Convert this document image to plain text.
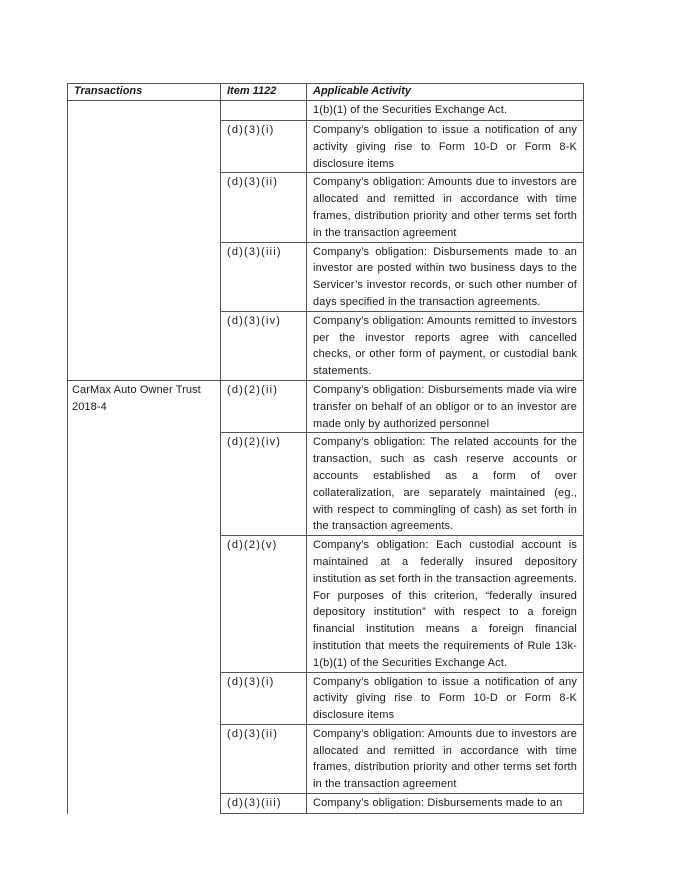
Transactions	Item 1122	Applicable Activity

		1(b)(1) of the Securities Exchange Act.

	(d)(3)(i)	Company’s obligation to issue a notification of any activity giving rise to Form 10-D or Form 8-K disclosure items

	(d)(3)(ii)	Company’s obligation: Amounts due to investors are allocated and remitted in accordance with time frames, distribution priority and other terms set forth in the transaction agreement

	(d)(3)(iii)	Company’s obligation: Disbursements made to an investor are posted within two business days to the Servicer’s investor records, or such other number of days specified in the transaction agreements.

	(d)(3)(iv)	Company’s obligation: Amounts remitted to investors per the investor reports agree with cancelled checks, or other form of payment, or custodial bank statements.

CarMax Auto Owner Trust 2018-4	(d)(2)(ii)	Company’s obligation: Disbursements made via wire transfer on behalf of an obligor or to an investor are made only by authorized personnel

	(d)(2)(iv)	Company’s obligation: The related accounts for the transaction, such as cash reserve accounts or accounts established as a form of over collateralization, are separately maintained (eg., with respect to commingling of cash) as set forth in the transaction agreements.

	(d)(2)(v)	Company’s obligation: Each custodial account is maintained at a federally insured depository institution as set forth in the transaction agreements. For purposes of this criterion, “federally insured depository institution” with respect to a foreign financial institution means a foreign financial institution that meets the requirements of Rule 13k-1(b)(1) of the Securities Exchange Act.

	(d)(3)(i)	Company’s obligation to issue a notification of any activity giving rise to Form 10-D or Form 8-K disclosure items

	(d)(3)(ii)	Company’s obligation: Amounts due to investors are allocated and remitted in accordance with time frames, distribution priority and other terms set forth in the transaction agreement

	(d)(3)(iii)	Company’s obligation: Disbursements made to an
